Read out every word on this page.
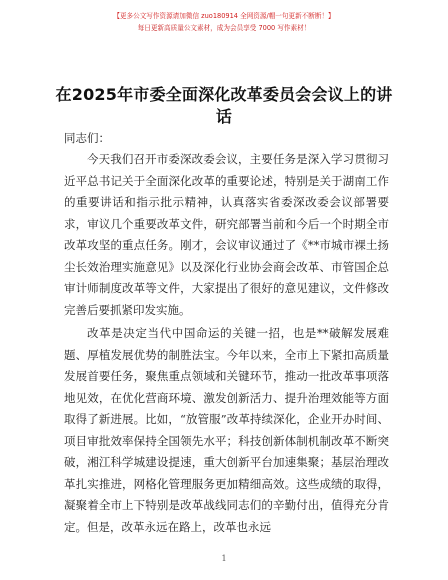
【更多公文写作资源请加微信 zuo180914 全网资源/帽一句更新不断断！】
每日更新高质量公文素材，成为会员享受 7000 写作素材！
在2025年市委全面深化改革委员会会议上的讲话
同志们：

今天我们召开市委深改委会议，主要任务是深入学习贯彻习近平总书记关于全面深化改革的重要论述，特别是关于湖南工作的重要讲话和指示批示精神，认真落实省委深改委会议部署要求，审议几个重要改革文件，研究部署当前和今后一个时期全市改革攻坚的重点任务。刚才，会议审议通过了《**市城市裸土扬尘长效治理实施意见》以及深化行业协会商会改革、市管国企总审计师制度改革等文件，大家提出了很好的意见建议，文件修改完善后要抓紧印发实施。

改革是决定当代中国命运的关键一招，也是**破解发展难题、厚植发展优势的制胜法宝。今年以来，全市上下紧扣高质量发展首要任务，聚焦重点领域和关键环节，推动一批改革事项落地见效，在优化营商环境、激发创新活力、提升治理效能等方面取得了新进展。比如，“放管服”改革持续深化，企业开办时间、项目审批效率保持全国领先水平；科技创新体制机制改革不断突破，湘江科学城建设提速，重大创新平台加速集聚；基层治理改革扎实推进，网格化管理服务更加精细高效。这些成绩的取得，凝聚着全市上下特别是改革战线同志们的辛勤付出，值得充分肯定。但是，改革永远在路上，改革也永远

1
